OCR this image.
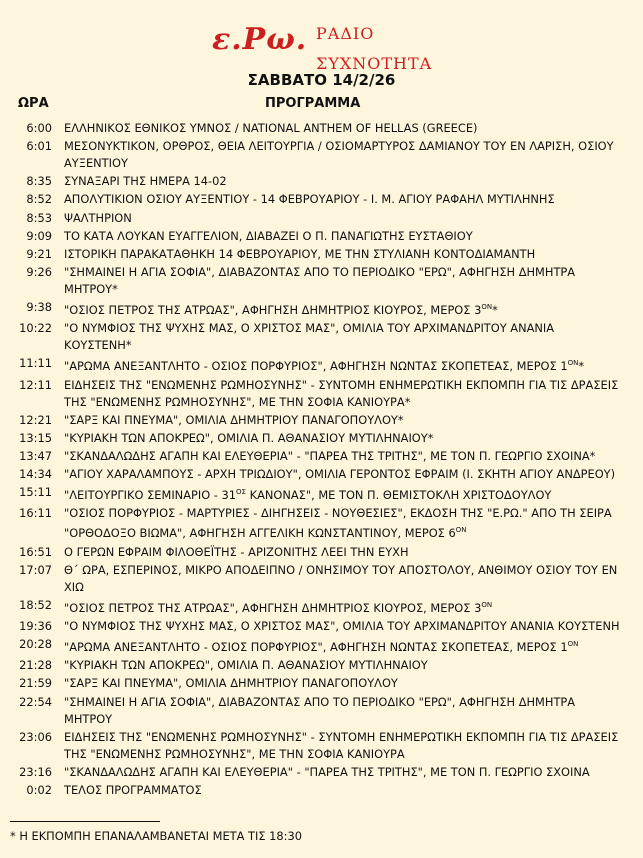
ε.Ρω. ΡΑΔΙΟ
ΣΥΧΝΟΤΗΤΑ
ΣΑΒΒΑΤΟ 14/2/26
ΩΡΑ	ΠΡΟΓΡΑΜΜΑ
6:00 ΕΛΛΗΝΙΚΟΣ ΕΘΝΙΚΟΣ ΥΜΝΟΣ / NATIONAL ANTHEM OF HELLAS (GREECE)
6:01 ΜΕΣΟΝΥΚΤΙΚΟΝ, ΟΡΘΡΟΣ, ΘΕΙΑ ΛΕΙΤΟΥΡΓΙΑ / ΟΣΙΟΜΑΡΤΥΡΟΣ ΔΑΜΙΑΝΟΥ ΤΟΥ ΕΝ ΛΑΡΙΣΗ, ΟΣΙΟΥ ΑΥΞΕΝΤΙΟΥ
8:35 ΣΥΝΑΞΑΡΙ ΤΗΣ ΗΜΕΡΑ 14-02
8:52 ΑΠΟΛΥΤΙΚΙΟΝ ΟΣΙΟΥ ΑΥΞΕΝΤΙΟΥ - 14 ΦΕΒΡΟΥΑΡΙΟΥ - Ι. Μ. ΑΓΙΟΥ ΡΑΦΑΗΛ ΜΥΤΙΛΗΝΗΣ
8:53 ΨΑΛΤΗΡΙΟΝ
9:09 ΤΟ ΚΑΤΑ ΛΟΥΚΑΝ ΕΥΑΓΓΕΛΙΟΝ, ΔΙΑΒΑΖΕΙ Ο Π. ΠΑΝΑΓΙΩΤΗΣ ΕΥΣΤΑΘΙΟΥ
9:21 ΙΣΤΟΡΙΚΗ ΠΑΡΑΚΑΤΑΘΗΚΗ 14 ΦΕΒΡΟΥΑΡΙΟΥ, ΜΕ ΤΗΝ ΣΤΥΛΙΑΝΗ ΚΟΝΤΟΔΙΑΜΑΝΤΗ
9:26 "ΣΗΜΑΙΝΕΙ Η ΑΓΙΑ ΣΟΦΙΑ", ΔΙΑΒΑΖΟΝΤΑΣ ΑΠΟ ΤΟ ΠΕΡΙΟΔΙΚΟ "ΕΡΩ", ΑΦΗΓΗΣΗ ΔΗΜΗΤΡΑ ΜΗΤΡΟΥ*
9:38 "ΟΣΙΟΣ ΠΕΤΡΟΣ ΤΗΣ ΑΤΡΩΑΣ", ΑΦΗΓΗΣΗ ΔΗΜΗΤΡΙΟΣ ΚΙΟΥΡΟΣ, ΜΕΡΟΣ $3^{ON}*$
10:22 "Ο ΝΥΜΦΙΟΣ ΤΗΣ ΨΥΧΗΣ ΜΑΣ, Ο ΧΡΙΣΤΟΣ ΜΑΣ", ΟΜΙΛΙΑ ΤΟΥ ΑΡΧΙΜΑΝΔΡΙΤΟΥ ΑΝΑΝΙΑ ΚΟΥΣΤΕΝΗ*
11:11 "ΑΡΩΜΑ ΑΝΕΞΑΝΤΛΗΤΟ - ΟΣΙΟΣ ΠΟΡΦΥΡΙΟΣ", ΑΦΗΓΗΣΗ ΝΩΝΤΑΣ ΣΚΟΠΕΤΕΑΣ, ΜΕΡΟΣ $1^{ON}*$
12:11 ΕΙΔΗΣΕΙΣ ΤΗΣ "ΕΝΩΜΕΝΗΣ ΡΩΜΗΟΣΥΝΗΣ" - ΣΥΝΤΟΜΗ ΕΝΗΜΕΡΩΤΙΚΗ ΕΚΠΟΜΠΗ ΓΙΑ ΤΙΣ ΔΡΑΣΕΙΣ ΤΗΣ "ΕΝΩΜΕΝΗΣ ΡΩΜΗΟΣΥΝΗΣ", ΜΕ ΤΗΝ ΣΟΦΙΑ ΚΑΝΙΟΥΡΑ*
12:21 "ΣΑΡΞ ΚΑΙ ΠΝΕΥΜΑ", ΟΜΙΛΙΑ ΔΗΜΗΤΡΙΟΥ ΠΑΝΑΓΟΠΟΥΛΟΥ*
13:15 "ΚΥΡΙΑΚΗ ΤΩΝ ΑΠΟΚΡΕΩ", ΟΜΙΛΙΑ Π. ΑΘΑΝΑΣΙΟΥ ΜΥΤΙΛΗΝΑΙΟΥ*
13:47 "ΣΚΑΝΔΑΛΩΔΗΣ ΑΓΑΠΗ ΚΑΙ ΕΛΕΥΘΕΡΙΑ" - "ΠΑΡΕΑ ΤΗΣ ΤΡΙΤΗΣ", ΜΕ ΤΟΝ Π. ΓΕΩΡΓΙΟ ΣΧΟΙΝΑ*
14:34 "ΑΓΙΟΥ ΧΑΡΑΛΑΜΠΟΥΣ - ΑΡΧΗ ΤΡΙΩΔΙΟΥ", ΟΜΙΛΙΑ ΓΕΡΟΝΤΟΣ ΕΦΡΑΙΜ (Ι. ΣΚΗΤΗ ΑΓΙΟΥ ΑΝΔΡΕΟΥ)
15:11 "ΛΕΙΤΟΥΡΓΙΚΟ ΣΕΜΙΝΑΡΙΟ - $31^{O\Sigma}$ ΚΑΝΟΝΑΣ", ΜΕ ΤΟΝ Π. ΘΕΜΙΣΤΟΚΛΗ ΧΡΙΣΤΟΔΟΥΛΟΥ
16:11 "ΟΣΙΟΣ ΠΟΡΦΥΡΙΟΣ - ΜΑΡΤΥΡΙΕΣ - ΔΙΗΓΗΣΕΙΣ - ΝΟΥΘΕΣΙΕΣ", ΕΚΔΟΣΗ ΤΗΣ "Ε.ΡΩ." ΑΠΟ ΤΗ ΣΕΙΡΑ "ΟΡΘΟΔΟΞΟ ΒΙΩΜΑ", ΑΦΗΓΗΣΗ ΑΓΓΕΛΙΚΗ ΚΩΝΣΤΑΝΤΙΝΟΥ, ΜΕΡΟΣ $6^{ON}$
16:51 Ο ΓΕΡΩΝ ΕΦΡΑΙΜ ΦΙΛΟΘΕΪΤΗΣ - ΑΡΙΖΟΝΙΤΗΣ ΛΕΕΙ ΤΗΝ ΕΥΧΗ
17:07 Θ΄ ΩΡΑ, ΕΣΠΕΡΙΝΟΣ, ΜΙΚΡΟ ΑΠΟΔΕΙΠΝΟ / ΟΝΗΣΙΜΟΥ ΤΟΥ ΑΠΟΣΤΟΛΟΥ, ΑΝΘΙΜΟΥ ΟΣΙΟΥ ΤΟΥ ΕΝ ΧΙΩ
18:52 "ΟΣΙΟΣ ΠΕΤΡΟΣ ΤΗΣ ΑΤΡΩΑΣ", ΑΦΗΓΗΣΗ ΔΗΜΗΤΡΙΟΣ ΚΙΟΥΡΟΣ, ΜΕΡΟΣ $3^{ON}$
19:36 "Ο ΝΥΜΦΙΟΣ ΤΗΣ ΨΥΧΗΣ ΜΑΣ, Ο ΧΡΙΣΤΟΣ ΜΑΣ", ΟΜΙΛΙΑ ΤΟΥ ΑΡΧΙΜΑΝΔΡΙΤΟΥ ΑΝΑΝΙΑ ΚΟΥΣΤΕΝΗ
20:28 "ΑΡΩΜΑ ΑΝΕΞΑΝΤΛΗΤΟ - ΟΣΙΟΣ ΠΟΡΦΥΡΙΟΣ", ΑΦΗΓΗΣΗ ΝΩΝΤΑΣ ΣΚΟΠΕΤΕΑΣ, ΜΕΡΟΣ $1^{ON}$
21:28 "ΚΥΡΙΑΚΗ ΤΩΝ ΑΠΟΚΡΕΩ", ΟΜΙΛΙΑ Π. ΑΘΑΝΑΣΙΟΥ ΜΥΤΙΛΗΝΑΙΟΥ
21:59 "ΣΑΡΞ ΚΑΙ ΠΝΕΥΜΑ", ΟΜΙΛΙΑ ΔΗΜΗΤΡΙΟΥ ΠΑΝΑΓΟΠΟΥΛΟΥ
22:54 "ΣΗΜΑΙΝΕΙ Η ΑΓΙΑ ΣΟΦΙΑ", ΔΙΑΒΑΖΟΝΤΑΣ ΑΠΟ ΤΟ ΠΕΡΙΟΔΙΚΟ "ΕΡΩ", ΑΦΗΓΗΣΗ ΔΗΜΗΤΡΑ ΜΗΤΡΟΥ
23:06 ΕΙΔΗΣΕΙΣ ΤΗΣ "ΕΝΩΜΕΝΗΣ ΡΩΜΗΟΣΥΝΗΣ" - ΣΥΝΤΟΜΗ ΕΝΗΜΕΡΩΤΙΚΗ ΕΚΠΟΜΠΗ ΓΙΑ ΤΙΣ ΔΡΑΣΕΙΣ ΤΗΣ "ΕΝΩΜΕΝΗΣ ΡΩΜΗΟΣΥΝΗΣ", ΜΕ ΤΗΝ ΣΟΦΙΑ ΚΑΝΙΟΥΡΑ
23:16 "ΣΚΑΝΔΑΛΩΔΗΣ ΑΓΑΠΗ ΚΑΙ ΕΛΕΥΘΕΡΙΑ" - "ΠΑΡΕΑ ΤΗΣ ΤΡΙΤΗΣ", ΜΕ ΤΟΝ Π. ΓΕΩΡΓΙΟ ΣΧΟΙΝΑ
0:02 ΤΕΛΟΣ ΠΡΟΓΡΑΜΜΑΤΟΣ
* Η ΕΚΠΟΜΠΗ ΕΠΑΝΑΛΑΜΒΑΝΕΤΑΙ ΜΕΤΑ ΤΙΣ 18:30
